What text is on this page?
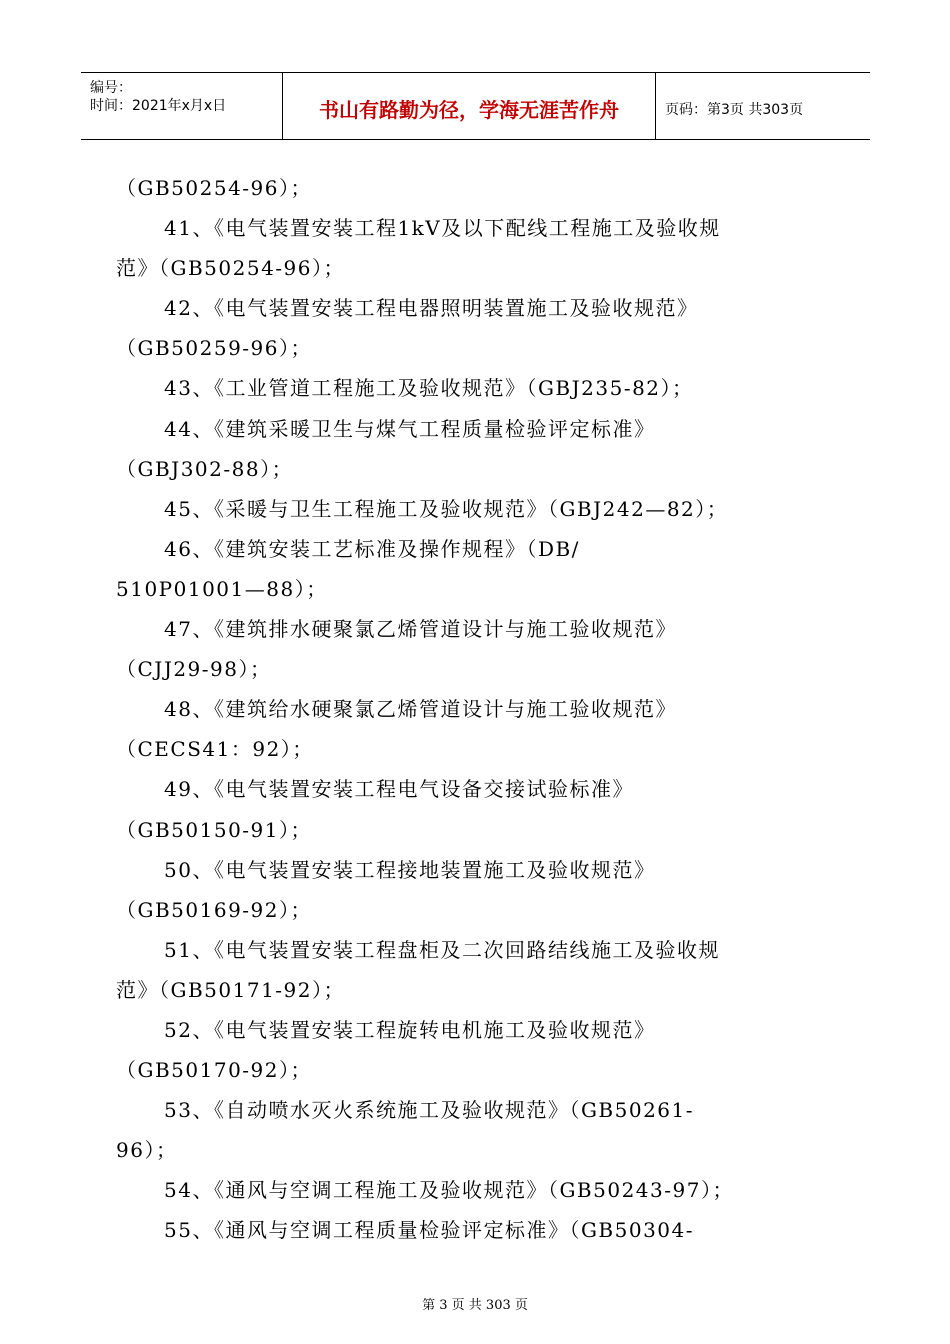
编号：
时间：2021年x月x日	书山有路勤为径，学海无涯苦作舟	页码：第3页 共303页
（GB50254-96）；
41、《电气装置安装工程1kV及以下配线工程施工及验收规
范》（GB50254-96）；
42、《电气装置安装工程电器照明装置施工及验收规范》
（GB50259-96）；
43、《工业管道工程施工及验收规范》（GBJ235-82）；
44、《建筑采暖卫生与煤气工程质量检验评定标准》
（GBJ302-88）；
45、《采暖与卫生工程施工及验收规范》（GBJ242—82）；
46、《建筑安装工艺标准及操作规程》（DB/
510P01001—88）；
47、《建筑排水硬聚氯乙烯管道设计与施工验收规范》
（CJJ29-98）；
48、《建筑给水硬聚氯乙烯管道设计与施工验收规范》
（CECS41：92）；
49、《电气装置安装工程电气设备交接试验标准》
（GB50150-91）；
50、《电气装置安装工程接地装置施工及验收规范》
（GB50169-92）；
51、《电气装置安装工程盘柜及二次回路结线施工及验收规
范》（GB50171-92）；
52、《电气装置安装工程旋转电机施工及验收规范》
（GB50170-92）；
53、《自动喷水灭火系统施工及验收规范》（GB50261-
96）；
54、《通风与空调工程施工及验收规范》（GB50243-97）；
55、《通风与空调工程质量检验评定标准》（GB50304-
第 3 页 共 303 页
